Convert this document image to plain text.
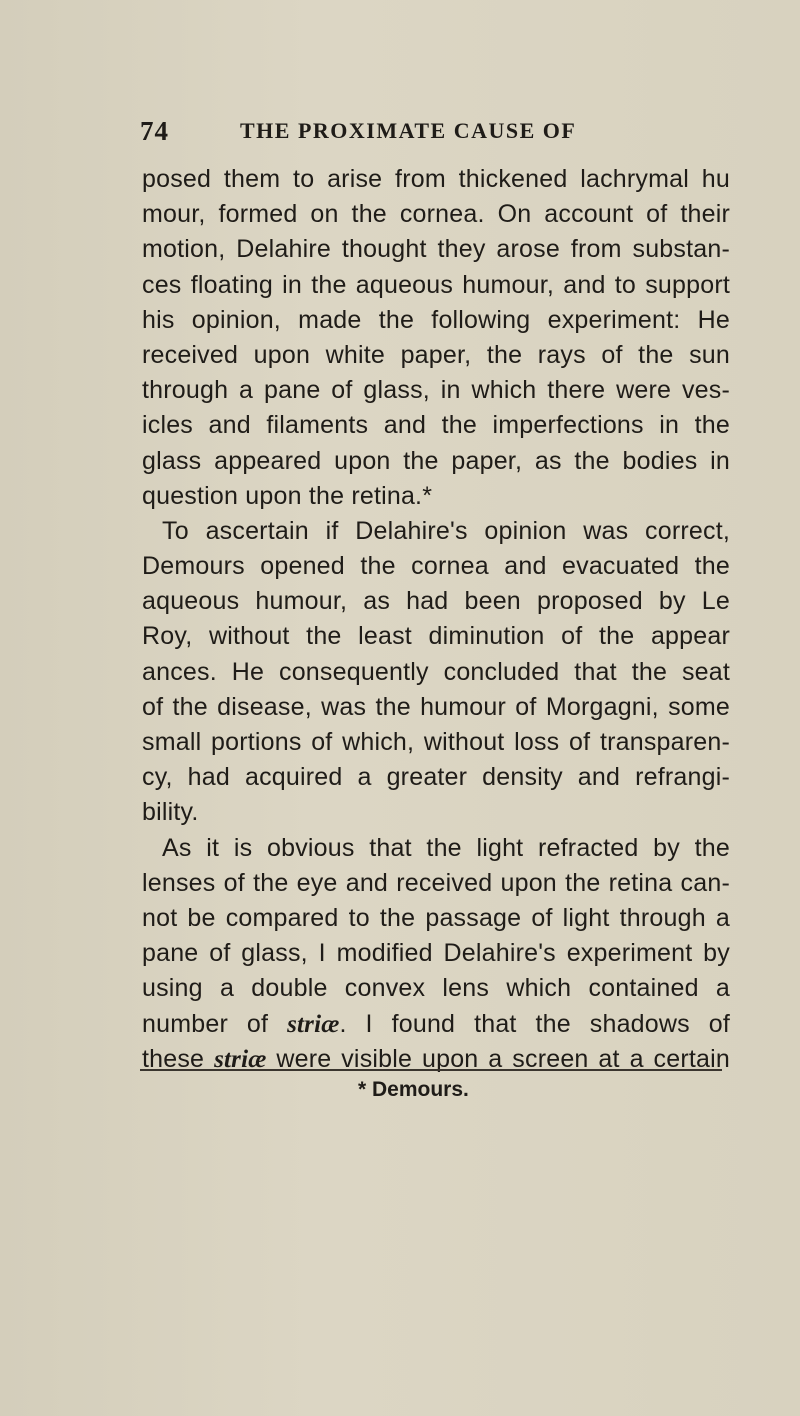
74	THE PROXIMATE CAUSE OF
posed them to arise from thickened lachrymal hu
mour, formed on the cornea. On account of their
motion, Delahire thought they arose from substan-
ces floating in the aqueous humour, and to support
his opinion, made the following experiment: He
received upon white paper, the rays of the sun
through a pane of glass, in which there were ves-
icles and filaments and the imperfections in the
glass appeared upon the paper, as the bodies in
question upon the retina.*
To ascertain if Delahire's opinion was correct,
Demours opened the cornea and evacuated the
aqueous humour, as had been proposed by Le
Roy, without the least diminution of the appear
ances. He consequently concluded that the seat
of the disease, was the humour of Morgagni, some
small portions of which, without loss of transparen-
cy, had acquired a greater density and refrangi-
bility.
As it is obvious that the light refracted by the
lenses of the eye and received upon the retina can-
not be compared to the passage of light through a
pane of glass, I modified Delahire's experiment by
using a double convex lens which contained a
number of striæ. I found that the shadows of
these striæ were visible upon a screen at a certain
* Demours.
